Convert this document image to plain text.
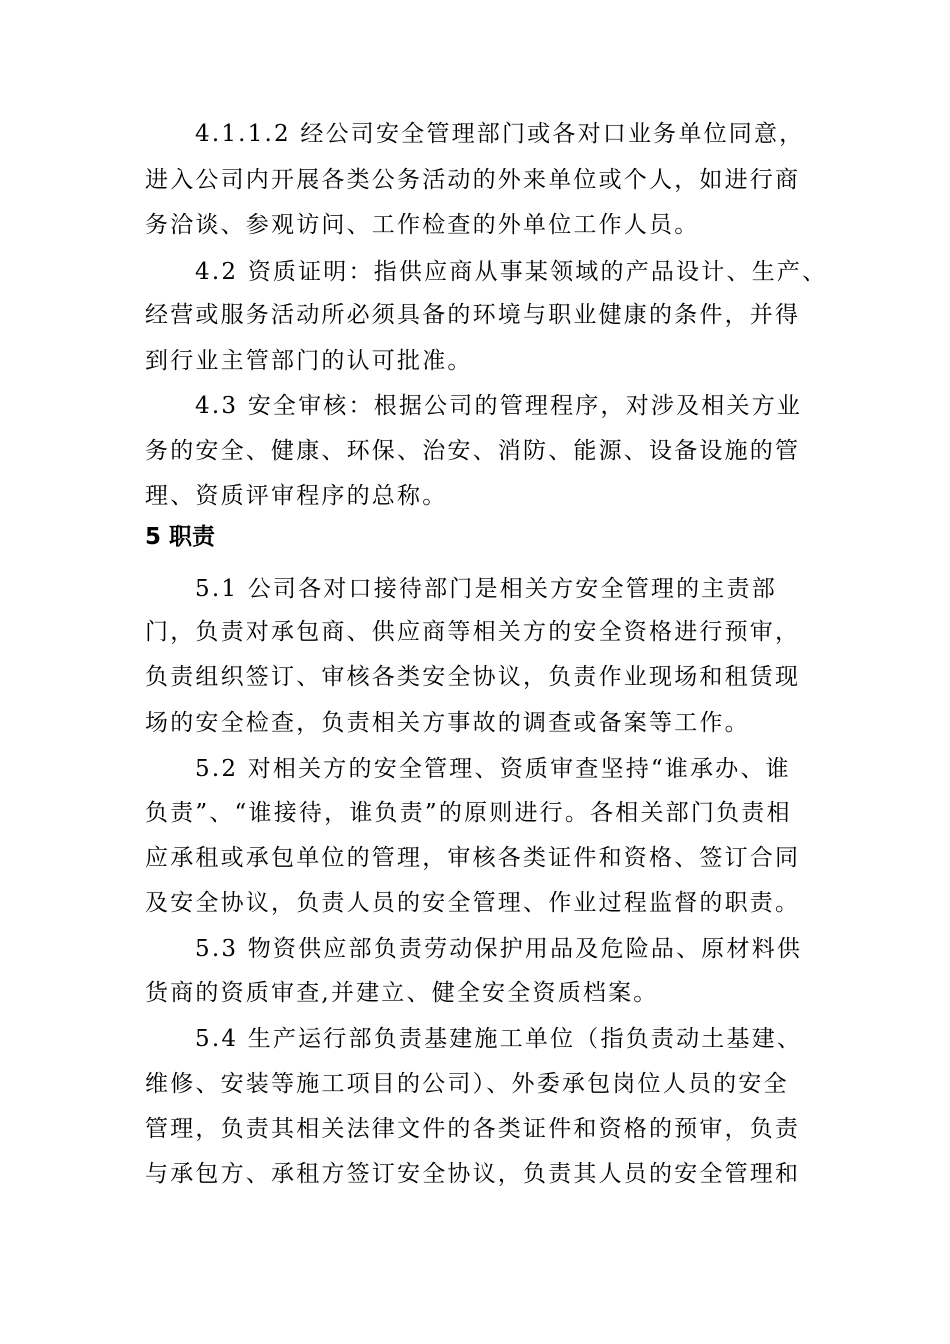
4.1.1.2 经公司安全管理部门或各对口业务单位同意，
进入公司内开展各类公务活动的外来单位或个人，如进行商
务洽谈、参观访问、工作检查的外单位工作人员。
4.2 资质证明：指供应商从事某领域的产品设计、生产、
经营或服务活动所必须具备的环境与职业健康的条件，并得
到行业主管部门的认可批准。
4.3 安全审核：根据公司的管理程序，对涉及相关方业
务的安全、健康、环保、治安、消防、能源、设备设施的管
理、资质评审程序的总称。
5 职责
5.1 公司各对口接待部门是相关方安全管理的主责部
门，负责对承包商、供应商等相关方的安全资格进行预审，
负责组织签订、审核各类安全协议，负责作业现场和租赁现
场的安全检查，负责相关方事故的调查或备案等工作。
5.2 对相关方的安全管理、资质审查坚持“谁承办、谁
负责”、“谁接待，谁负责”的原则进行。各相关部门负责相
应承租或承包单位的管理，审核各类证件和资格、签订合同
及安全协议，负责人员的安全管理、作业过程监督的职责。
5.3 物资供应部负责劳动保护用品及危险品、原材料供
货商的资质审查,并建立、健全安全资质档案。
5.4 生产运行部负责基建施工单位（指负责动土基建、
维修、安装等施工项目的公司）、外委承包岗位人员的安全
管理，负责其相关法律文件的各类证件和资格的预审，负责
与承包方、承租方签订安全协议，负责其人员的安全管理和
